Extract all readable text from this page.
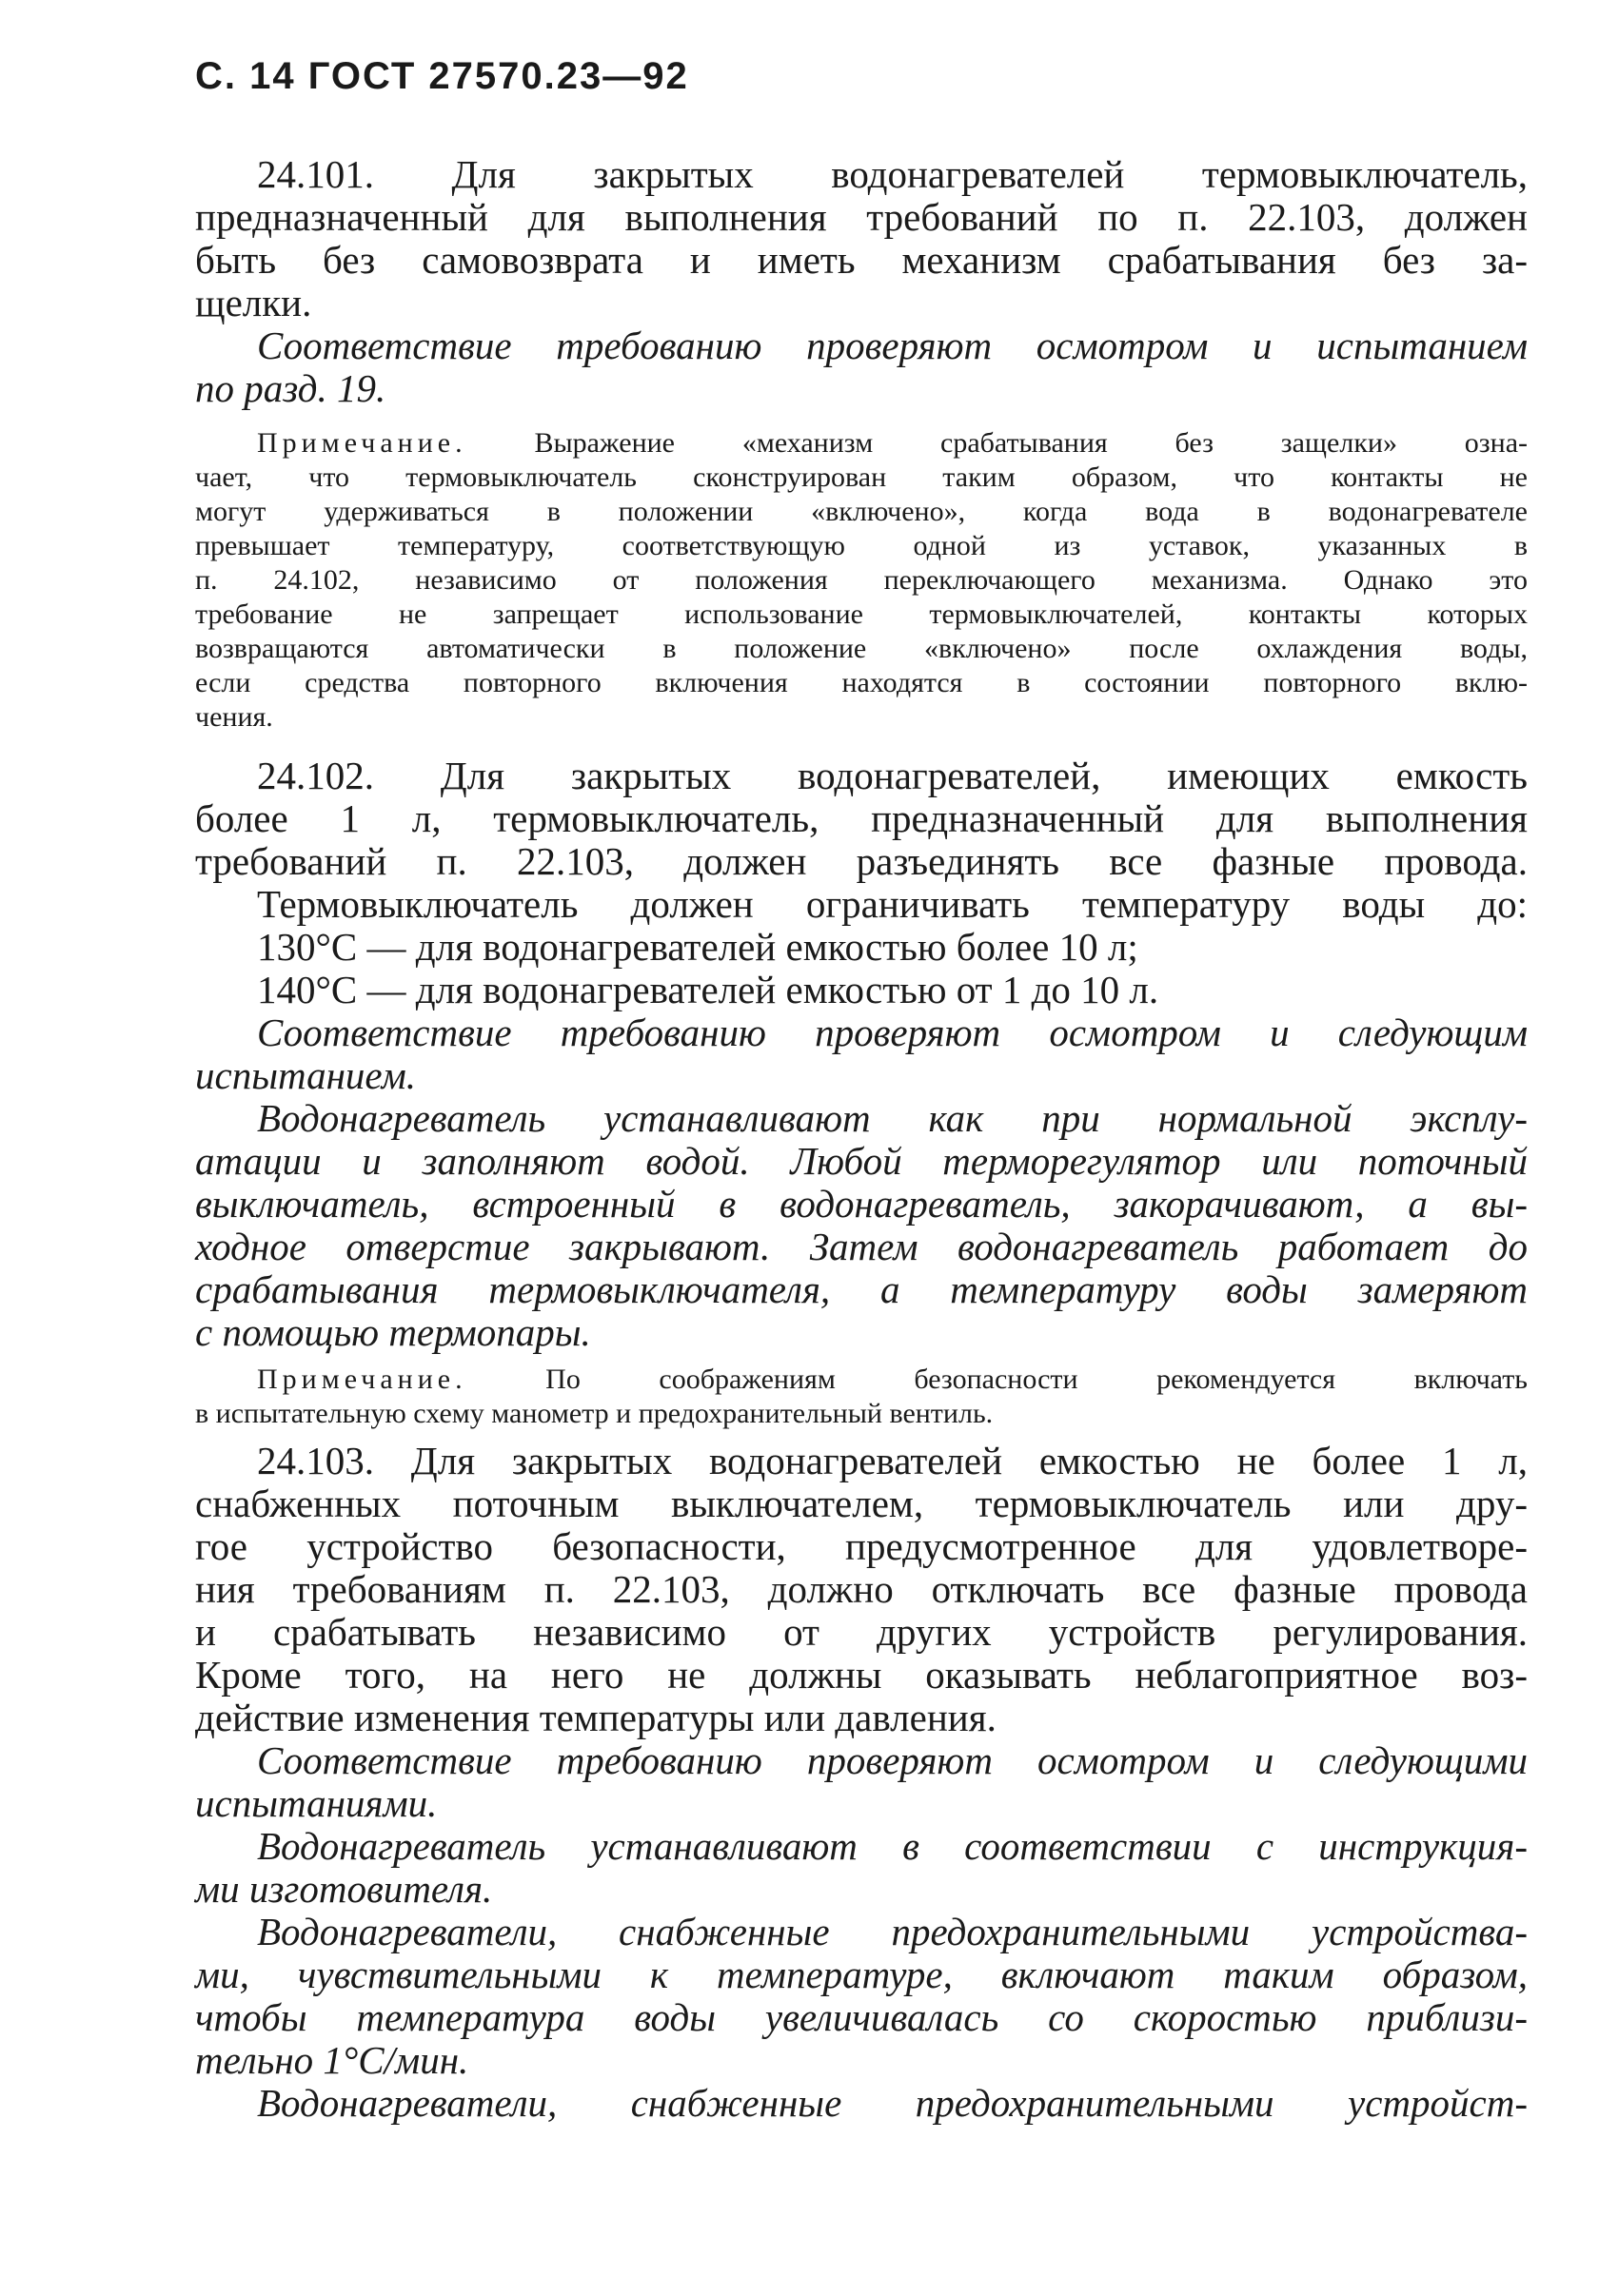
С. 14 ГОСТ 27570.23—92
24.101. Для закрытых водонагревателей термовыключатель,
предназначенный для выполнения требований по п. 22.103, должен
быть без самовозврата и иметь механизм срабатывания без за-
щелки.
Соответствие требованию проверяют осмотром и испытанием
по разд. 19.
Примечание. Выражение «механизм срабатывания без защелки» озна-
чает, что термовыключатель сконструирован таким образом, что контакты не
могут удерживаться в положении «включено», когда вода в водонагревателе
превышает температуру, соответствующую одной из уставок, указанных в
п. 24.102, независимо от положения переключающего механизма. Однако это
требование не запрещает использование термовыключателей, контакты которых
возвращаются автоматически в положение «включено» после охлаждения воды,
если средства повторного включения находятся в состоянии повторного вклю-
чения.
24.102. Для закрытых водонагревателей, имеющих емкость
более 1 л, термовыключатель, предназначенный для выполнения
требований п. 22.103, должен разъединять все фазные провода.
Термовыключатель должен ограничивать температуру воды до:
130°С — для водонагревателей емкостью более 10 л;
140°С — для водонагревателей емкостью от 1 до 10 л.
Соответствие требованию проверяют осмотром и следующим
испытанием.
Водонагреватель устанавливают как при нормальной эксплу-
атации и заполняют водой. Любой терморегулятор или поточный
выключатель, встроенный в водонагреватель, закорачивают, а вы-
ходное отверстие закрывают. Затем водонагреватель работает до
срабатывания термовыключателя, а температуру воды замеряют
с помощью термопары.
Примечание. По соображениям безопасности рекомендуется включать
в испытательную схему манометр и предохранительный вентиль.
24.103. Для закрытых водонагревателей емкостью не более 1 л,
снабженных поточным выключателем, термовыключатель или дру-
гое устройство безопасности, предусмотренное для удовлетворе-
ния требованиям п. 22.103, должно отключать все фазные провода
и срабатывать независимо от других устройств регулирования.
Кроме того, на него не должны оказывать неблагоприятное воз-
действие изменения температуры или давления.
Соответствие требованию проверяют осмотром и следующими
испытаниями.
Водонагреватель устанавливают в соответствии с инструкция-
ми изготовителя.
Водонагреватели, снабженные предохранительными устройства-
ми, чувствительными к температуре, включают таким образом,
чтобы температура воды увеличивалась со скоростью приблизи-
тельно 1°С/мин.
Водонагреватели, снабженные предохранительными устройст-
